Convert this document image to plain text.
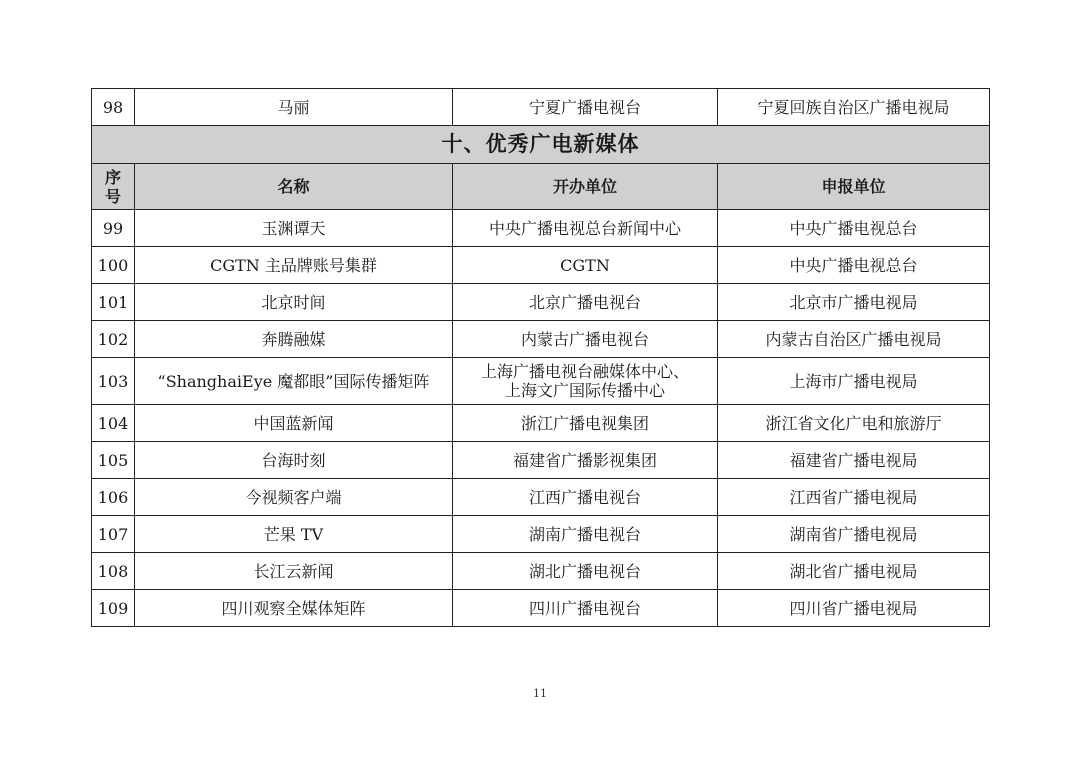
98	马丽	宁夏广播电视台	宁夏回族自治区广播电视局
十、优秀广电新媒体			
序
号	名称	开办单位	申报单位
99	玉渊谭天	中央广播电视总台新闻中心	中央广播电视总台
100	CGTN 主品牌账号集群	CGTN	中央广播电视总台
101	北京时间	北京广播电视台	北京市广播电视局
102	奔腾融媒	内蒙古广播电视台	内蒙古自治区广播电视局
103	“ShanghaiEye 魔都眼”国际传播矩阵	上海广播电视台融媒体中心、
上海文广国际传播中心	上海市广播电视局
104	中国蓝新闻	浙江广播电视集团	浙江省文化广电和旅游厅
105	台海时刻	福建省广播影视集团	福建省广播电视局
106	今视频客户端	江西广播电视台	江西省广播电视局
107	芒果 TV	湖南广播电视台	湖南省广播电视局
108	长江云新闻	湖北广播电视台	湖北省广播电视局
109	四川观察全媒体矩阵	四川广播电视台	四川省广播电视局
11
